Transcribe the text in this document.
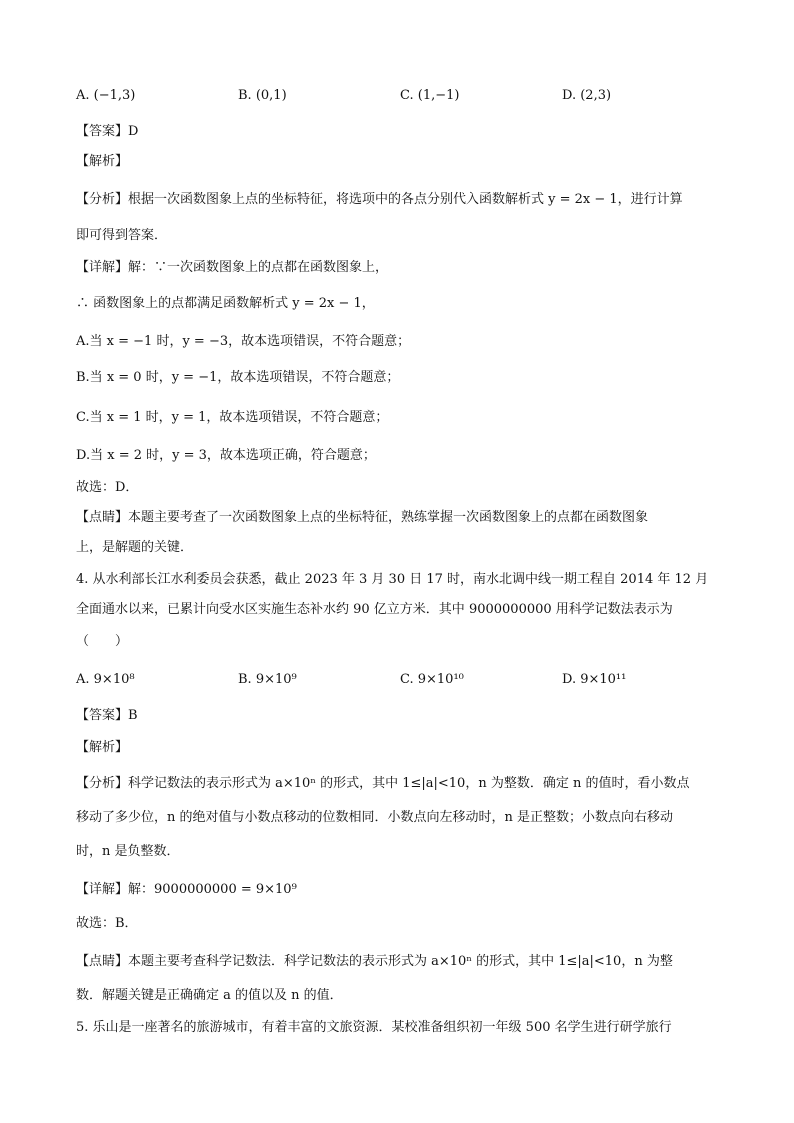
A. (−1,3)	B. (0,1)	C. (1,−1)	D. (2,3)
【答案】D
【解析】
【分析】根据一次函数图象上点的坐标特征，将选项中的各点分别代入函数解析式 y = 2x − 1，进行计算
即可得到答案．
【详解】解：∵一次函数图象上的点都在函数图象上，
∴ 函数图象上的点都满足函数解析式 y = 2x − 1，
A.当 x = −1 时，y = −3，故本选项错误，不符合题意；
B.当 x = 0 时，y = −1，故本选项错误，不符合题意；
C.当 x = 1 时，y = 1，故本选项错误，不符合题意；
D.当 x = 2 时，y = 3，故本选项正确，符合题意；
故选：D．
【点睛】本题主要考查了一次函数图象上点的坐标特征，熟练掌握一次函数图象上的点都在函数图象
上，是解题的关键．
4. 从水利部长江水利委员会获悉，截止 2023 年 3 月 30 日 17 时，南水北调中线一期工程自 2014 年 12 月
全面通水以来，已累计向受水区实施生态补水约 90 亿立方米．其中 9000000000 用科学记数法表示为
（　　）
A. 9×10⁸	B. 9×10⁹	C. 9×10¹⁰	D. 9×10¹¹
【答案】B
【解析】
【分析】科学记数法的表示形式为 a×10ⁿ 的形式，其中 1≤|a|<10，n 为整数．确定 n 的值时，看小数点
移动了多少位，n 的绝对值与小数点移动的位数相同．小数点向左移动时，n 是正整数；小数点向右移动
时，n 是负整数．
【详解】解：9000000000 = 9×10⁹
故选：B．
【点睛】本题主要考查科学记数法．科学记数法的表示形式为 a×10ⁿ 的形式，其中 1≤|a|<10，n 为整
数．解题关键是正确确定 a 的值以及 n 的值．
5. 乐山是一座著名的旅游城市，有着丰富的文旅资源．某校准备组织初一年级 500 名学生进行研学旅行
